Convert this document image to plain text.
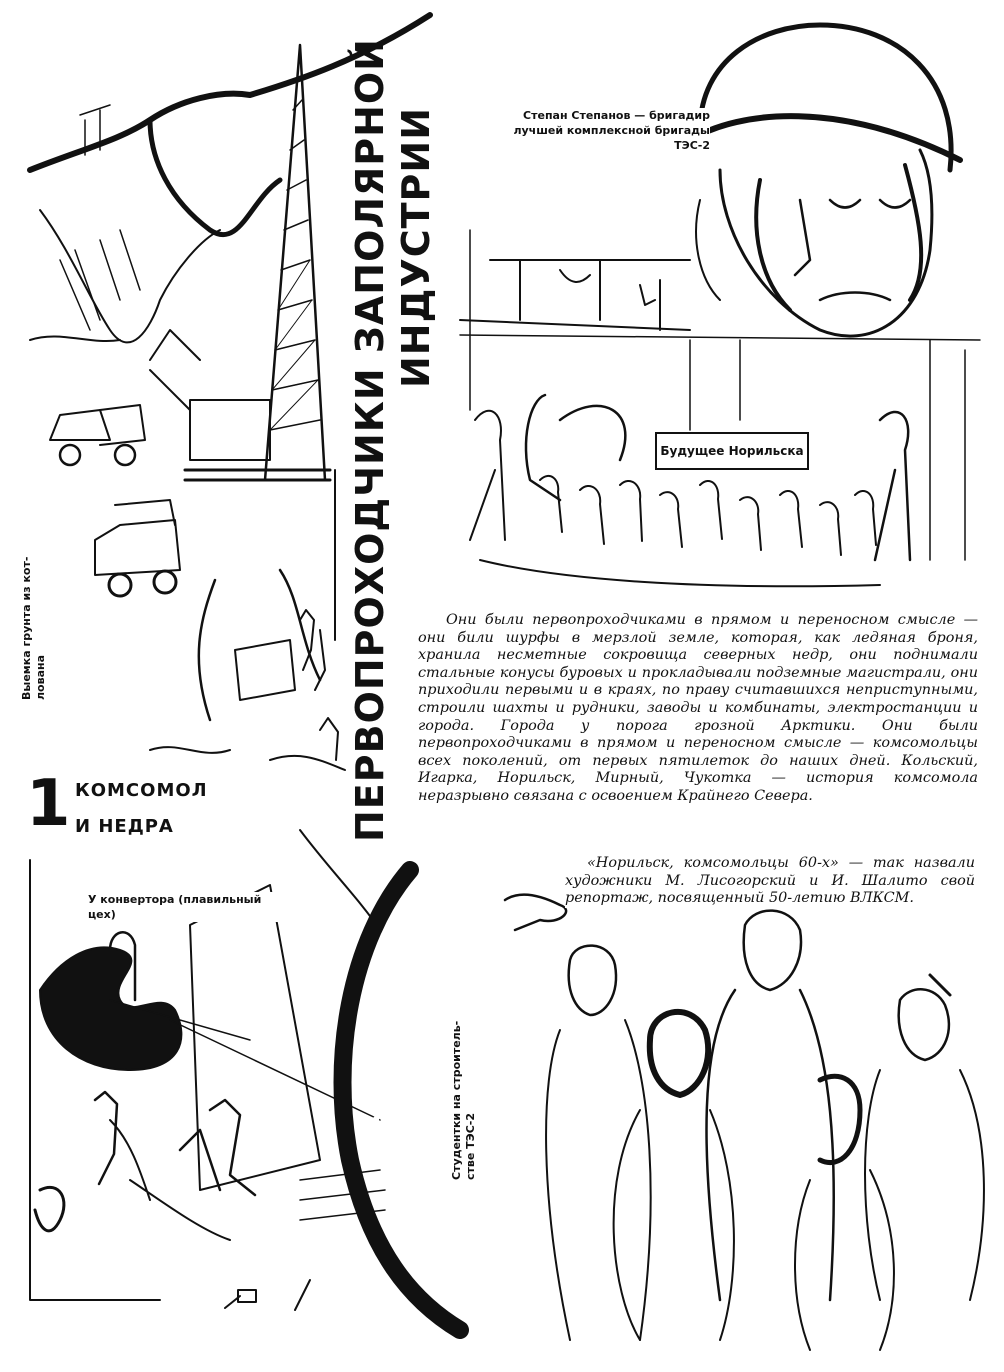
ПЕРВОПРОХОДЧИКИ ЗАПОЛЯРНОЙ ИНДУСТРИИ	Степан Степанов — бригадир лучшей комплексной бригады ТЭС-2
Выемка грунта из кот- лована
Будущее Норильска
1 КОМСОМОЛ
И НЕДРА
У конвертора (плавильный цех)
Студентки на строитель- стве ТЭС-2
Они были первопроходчиками в прямом и переносном смысле — они били шурфы в мерзлой земле, которая, как ледяная броня, хранила несметные сокровища северных недр, они поднимали стальные конусы буровых и прокладывали подземные магистрали, они приходили первыми и в краях, по праву считавшихся неприступными, строили шахты и рудники, заводы и комбинаты, электростанции и города. Города у порога грозной Арктики. Они были первопроходчиками в прямом и переносном смысле — комсомольцы всех поколений, от первых пятилеток до наших дней. Кольский, Игарка, Норильск, Мирный, Чукотка — история комсомола неразрывно связана с освоением Крайнего Севера.
«Норильск, комсомольцы 60-х» — так назвали художники М. Лисогорский и И. Шалито свой репортаж, посвященный 50-летию ВЛКСМ.
